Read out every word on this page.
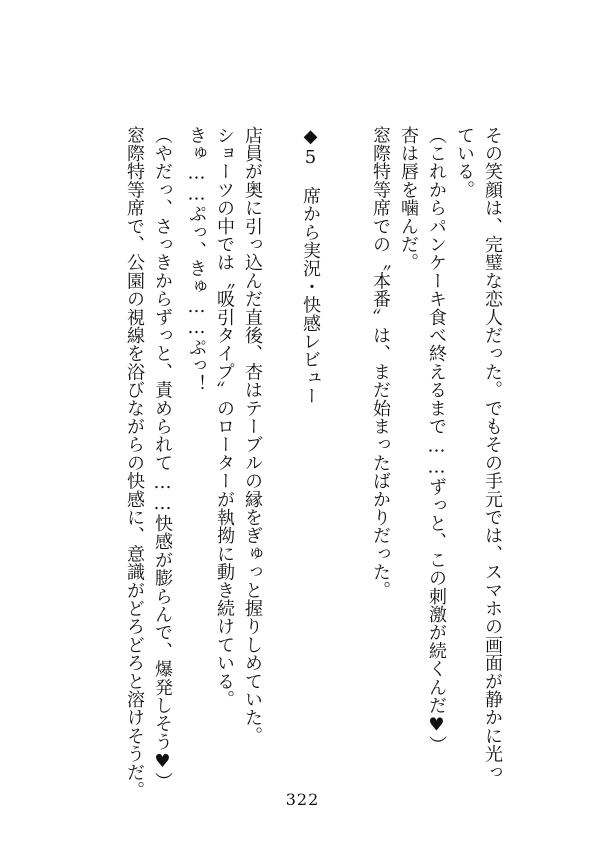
その笑顔は、完璧な恋人だった。でもその手元では、スマホの画面が静かに光っ
ている。
（これからパンケーキ食べ終えるまで……ずっと、この刺激が続くんだ♥）
杏は唇を噛んだ。
窓際特等席での〝本番〟は、まだ始まったばかりだった。
◆5　席から実況・快感レビュー
店員が奥に引っ込んだ直後、杏はテーブルの縁をぎゅっと握りしめていた。
ショーツの中では〝吸引タイプ〟のローターが執拗に動き続けている。
きゅ……ぷっ、きゅ……ぷっ！
（やだっ、さっきからずっと、責められて……快感が膨らんで、爆発しそう♥）
窓際特等席で、公園の視線を浴びながらの快感に、意識がどろどろと溶けそうだ。
322
